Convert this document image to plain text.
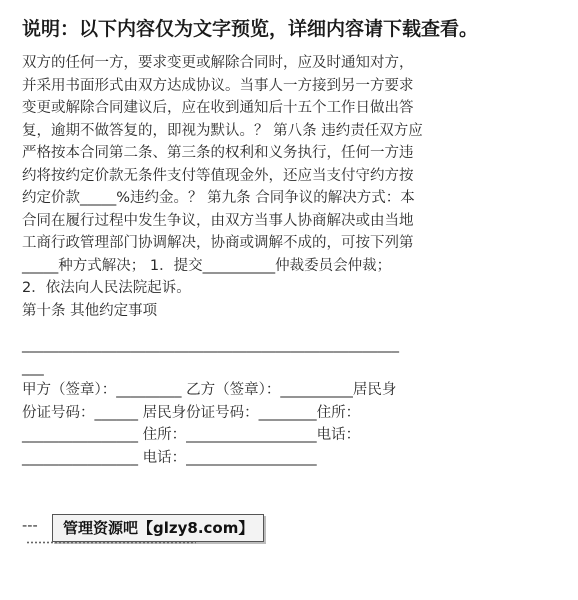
说明：以下内容仅为文字预览，详细内容请下载查看。
双方的任何一方，要求变更或解除合同时，应及时通知对方，
并采用书面形式由双方达成协议。当事人一方接到另一方要求
变更或解除合同建议后，应在收到通知后十五个工作日做出答
复，逾期不做答复的，即视为默认。？ 第八条 违约责任双方应
严格按本合同第二条、第三条的权利和义务执行，任何一方违
约将按约定价款无条件支付等值现金外，还应当支付守约方按
约定价款_____%违约金。？ 第九条 合同争议的解决方式：本
合同在履行过程中发生争议，由双方当事人协商解决或由当地
工商行政管理部门协调解决，协商或调解不成的，可按下列第
_____种方式解决； 1．提交__________仲裁委员会仲裁；
2．依法向人民法院起诉。
第十条 其他约定事项
____________________________________________________
___
甲方（签章）：_________ 乙方（签章）：__________居民身
份证号码：______ 居民身份证号码：________住所：
________________ 住所：__________________电话：
________________ 电话：__________________
---	管理资源吧【glzy8.com】
